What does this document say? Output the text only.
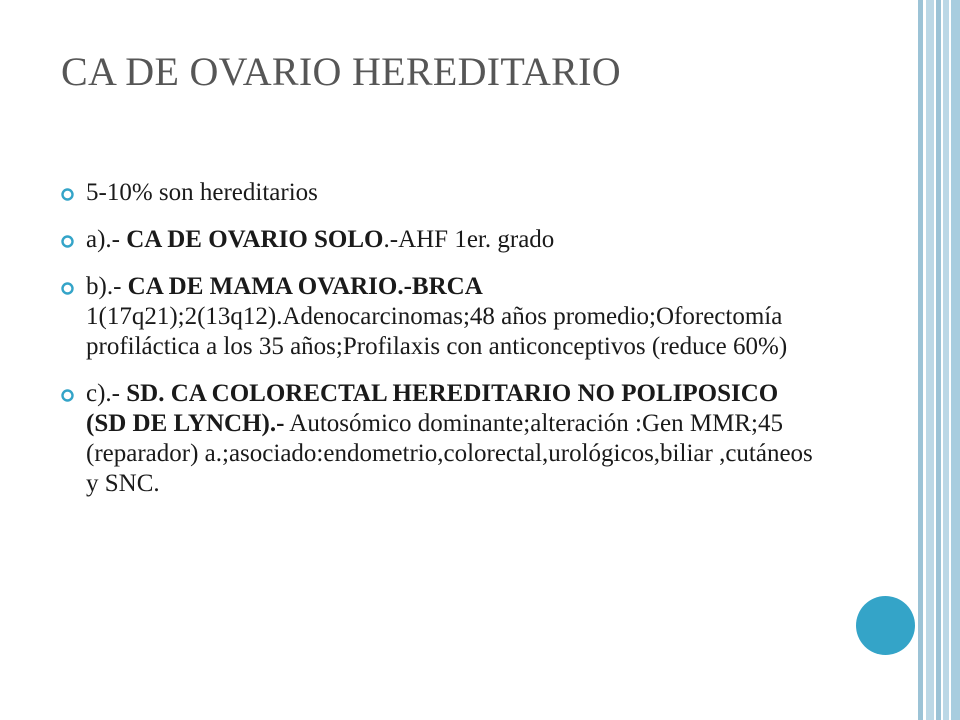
CA DE OVARIO HEREDITARIO
5-10% son hereditarios
a).- CA DE OVARIO SOLO.-AHF 1er. grado
b).- CA DE MAMA OVARIO.-BRCA 1(17q21);2(13q12).Adenocarcinomas;48 años promedio;Oforectomía profiláctica a los 35 años;Profilaxis con anticonceptivos (reduce 60%)
c).- SD. CA COLORECTAL HEREDITARIO NO POLIPOSICO (SD DE LYNCH).- Autosómico dominante;alteración :Gen MMR;45 (reparador) a.;asociado:endometrio,colorectal,urológicos,biliar ,cutáneos y SNC.
